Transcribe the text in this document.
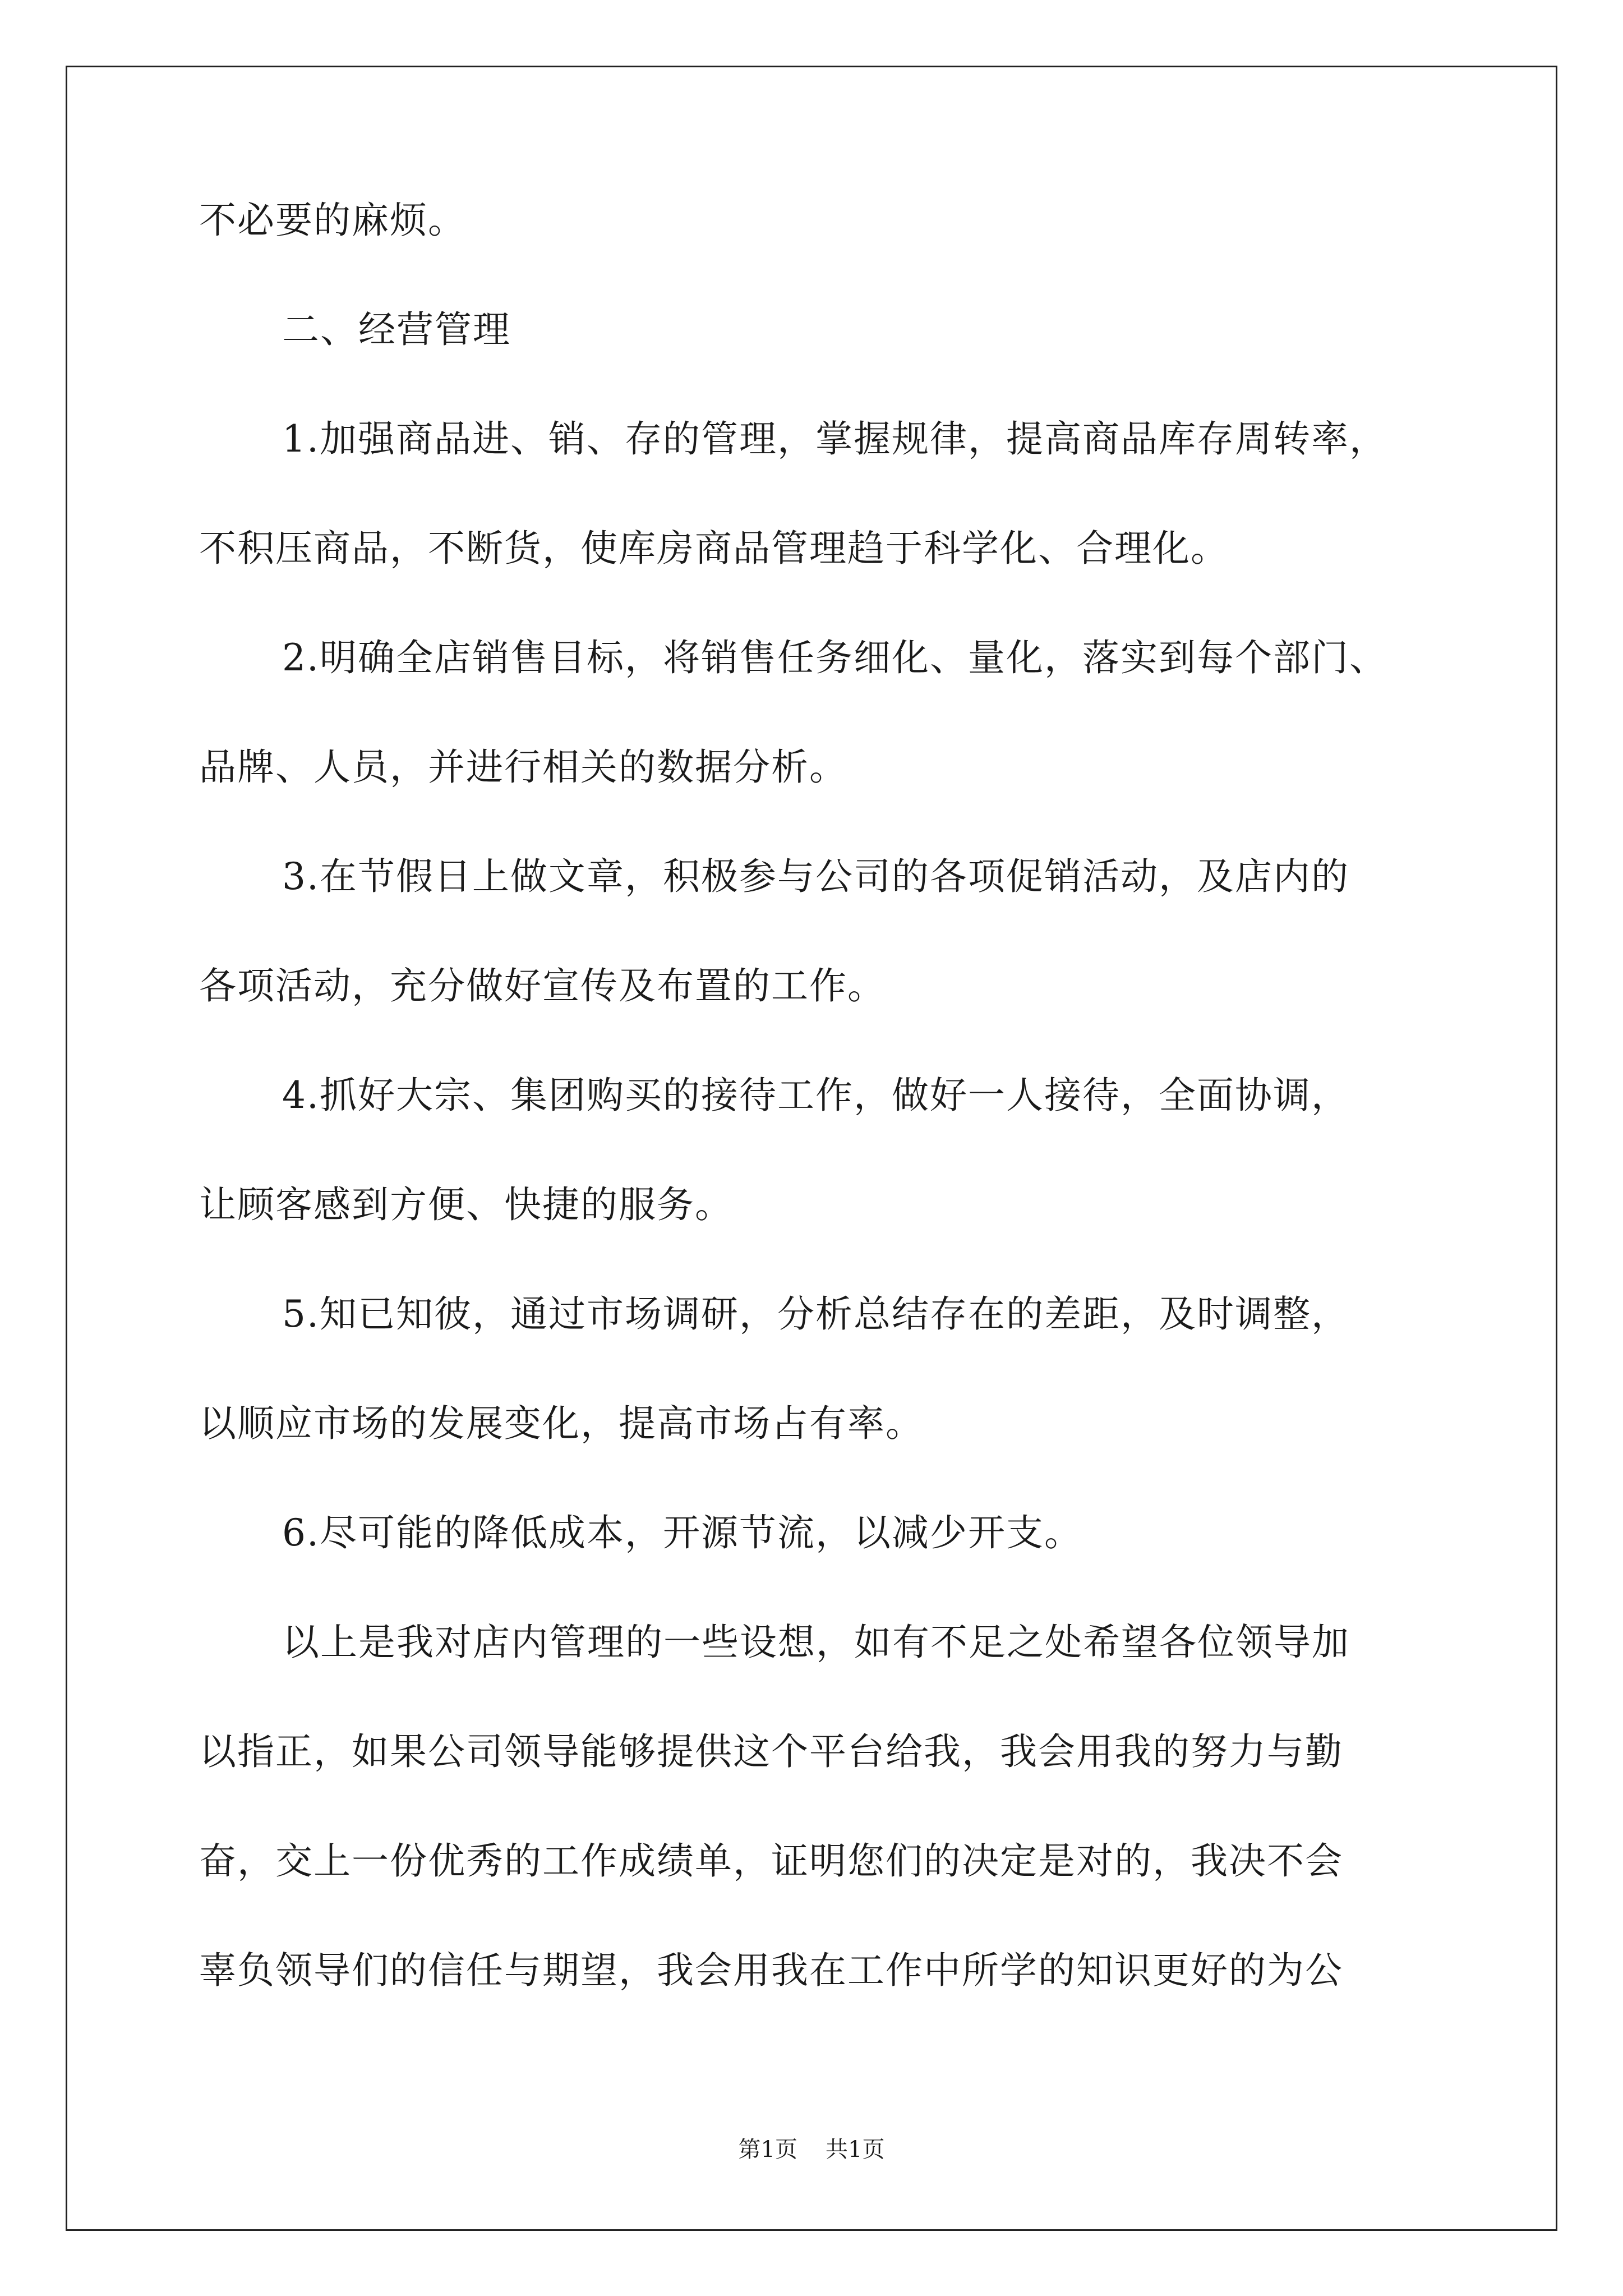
不必要的麻烦。
二、经营管理
1.加强商品进、销、存的管理，掌握规律，提高商品库存周转率，
不积压商品，不断货，使库房商品管理趋于科学化、合理化。
2.明确全店销售目标，将销售任务细化、量化，落实到每个部门、
品牌、人员，并进行相关的数据分析。
3.在节假日上做文章，积极参与公司的各项促销活动，及店内的
各项活动，充分做好宣传及布置的工作。
4.抓好大宗、集团购买的接待工作，做好一人接待，全面协调，
让顾客感到方便、快捷的服务。
5.知已知彼，通过市场调研，分析总结存在的差距，及时调整，
以顺应市场的发展变化，提高市场占有率。
6.尽可能的降低成本，开源节流，以减少开支。
以上是我对店内管理的一些设想，如有不足之处希望各位领导加
以指正，如果公司领导能够提供这个平台给我，我会用我的努力与勤
奋，交上一份优秀的工作成绩单，证明您们的决定是对的，我决不会
辜负领导们的信任与期望，我会用我在工作中所学的知识更好的为公
第1页 共1页
